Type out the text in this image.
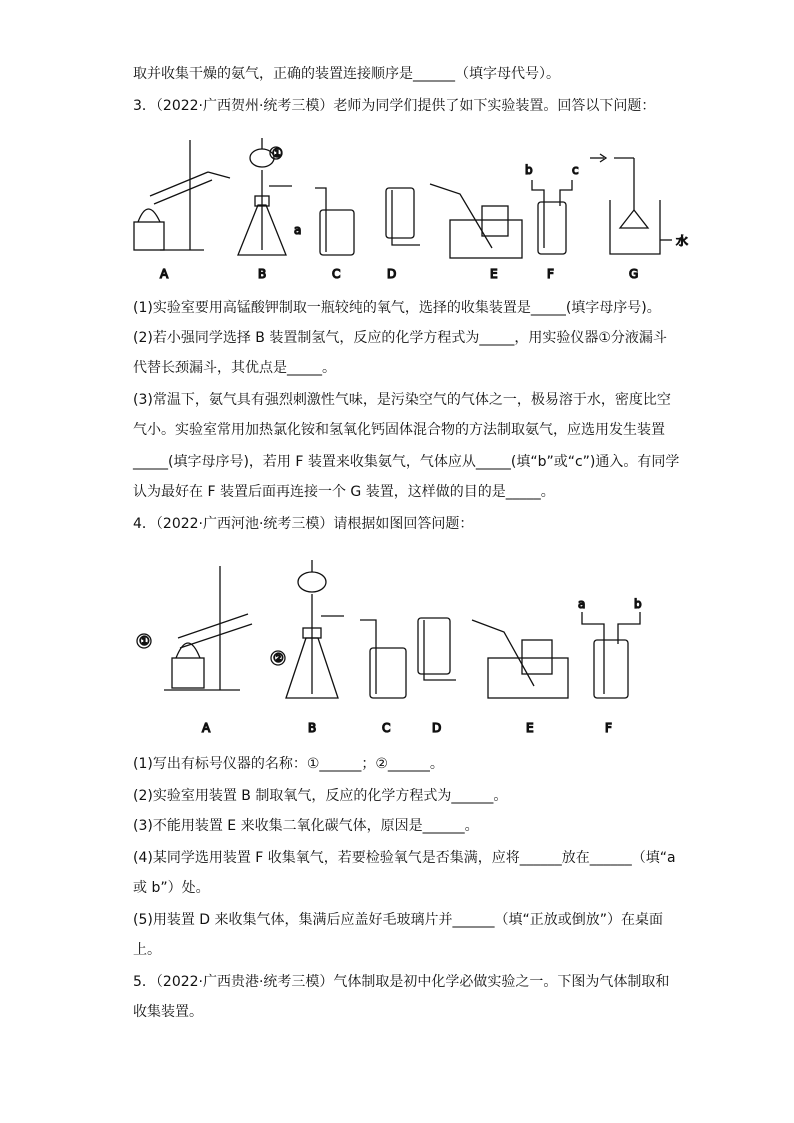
取并收集干燥的氨气，正确的装置连接顺序是______（填字母代号）。
3．（2022·广西贺州·统考三模）老师为同学们提供了如下实验装置。回答以下问题：
A
①
a
B	C	D	E
b	c
F
水
G
(1)实验室要用高锰酸钾制取一瓶较纯的氧气，选择的收集装置是_____(填字母序号)。
(2)若小强同学选择 B 装置制氢气，反应的化学方程式为_____，用实验仪器①分液漏斗
代替长颈漏斗，其优点是_____。
(3)常温下，氨气具有强烈刺激性气味，是污染空气的气体之一，极易溶于水，密度比空
气小。实验室常用加热氯化铵和氢氧化钙固体混合物的方法制取氨气，应选用发生装置
_____(填字母序号)，若用 F 装置来收集氨气，气体应从_____(填“b”或“c”)通入。有同学
认为最好在 F 装置后面再连接一个 G 装置，这样做的目的是_____。
4．（2022·广西河池·统考三模）请根据如图回答问题：
①
A
②
B	C	D	E
a	b
F
(1)写出有标号仪器的名称：①______；②______。
(2)实验室用装置 B 制取氧气，反应的化学方程式为______。
(3)不能用装置 E 来收集二氧化碳气体，原因是______。
(4)某同学选用装置 F 收集氧气，若要检验氧气是否集满，应将______放在______（填“a
或 b”）处。
(5)用装置 D 来收集气体，集满后应盖好毛玻璃片并______（填“正放或倒放”）在桌面
上。
5．（2022·广西贵港·统考三模）气体制取是初中化学必做实验之一。下图为气体制取和
收集装置。
